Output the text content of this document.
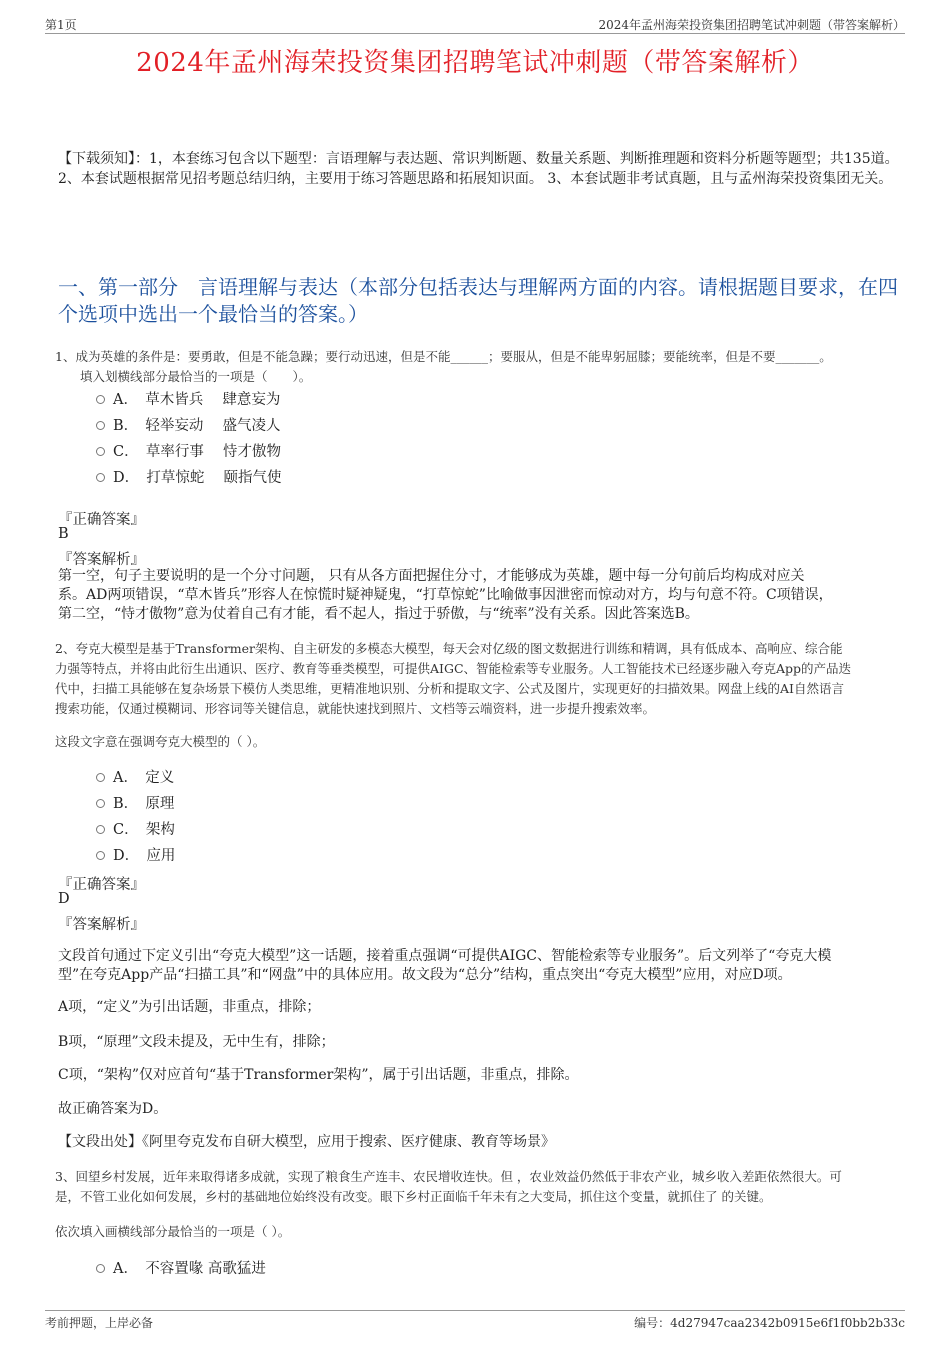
第1页	2024年孟州海荣投资集团招聘笔试冲刺题（带答案解析）
2024年孟州海荣投资集团招聘笔试冲刺题（带答案解析）
【下载须知】：1，本套练习包含以下题型：言语理解与表达题、常识判断题、数量关系题、判断推理题和资料分析题等题型；共135道。 2、本套试题根据常见招考题总结归纳，主要用于练习答题思路和拓展知识面。 3、本套试题非考试真题，且与孟州海荣投资集团无关。
一、第一部分　言语理解与表达（本部分包括表达与理解两方面的内容。请根据题目要求，在四个选项中选出一个最恰当的答案。）
1、成为英雄的条件是：要勇敢，但是不能急躁；要行动迅速，但是不能______；要服从，但是不能卑躬屈膝；要能统率，但是不要_______。
填入划横线部分最恰当的一项是（　　）。
A．　草木皆兵　 肆意妄为
B．　轻举妄动　 盛气凌人
C．　草率行事　 恃才傲物
D．　打草惊蛇　 颐指气使
『正确答案』
B
『答案解析』
第一空，句子主要说明的是一个分寸问题， 只有从各方面把握住分寸，才能够成为英雄，题中每一分句前后均构成对应关
系。AD两项错误，“草木皆兵”形容人在惊慌时疑神疑鬼，“打草惊蛇”比喻做事因泄密而惊动对方，均与句意不符。C项错误，
第二空，“恃才傲物”意为仗着自己有才能，看不起人，指过于骄傲，与“统率”没有关系。因此答案选B。
2、夸克大模型是基于Transformer架构、自主研发的多模态大模型，每天会对亿级的图文数据进行训练和精调，具有低成本、高响应、综合能
力强等特点，并将由此衍生出通识、医疗、教育等垂类模型，可提供AIGC、智能检索等专业服务。人工智能技术已经逐步融入夸克App的产品迭
代中，扫描工具能够在复杂场景下模仿人类思维，更精准地识别、分析和提取文字、公式及图片，实现更好的扫描效果。网盘上线的AI自然语言
搜索功能，仅通过模糊词、形容词等关键信息，就能快速找到照片、文档等云端资料，进一步提升搜索效率。
这段文字意在强调夸克大模型的（ ）。
A．　定义
B．　原理
C．　架构
D．　应用
『正确答案』
D
『答案解析』
文段首句通过下定义引出“夸克大模型”这一话题，接着重点强调“可提供AIGC、智能检索等专业服务”。后文列举了“夸克大模
型”在夸克App产品“扫描工具”和“网盘”中的具体应用。故文段为“总分”结构，重点突出“夸克大模型”应用，对应D项。
A项，“定义”为引出话题，非重点，排除；
B项，“原理”文段未提及，无中生有，排除；
C项，“架构”仅对应首句“基于Transformer架构”，属于引出话题，非重点，排除。
故正确答案为D。
【文段出处】《阿里夸克发布自研大模型，应用于搜索、医疗健康、教育等场景》
3、回望乡村发展，近年来取得诸多成就，实现了粮食生产连丰、农民增收连快。但 ，农业效益仍然低于非农产业，城乡收入差距依然很大。可
是，不管工业化如何发展，乡村的基础地位始终没有改变。眼下乡村正面临千年未有之大变局，抓住这个变量，就抓住了 的关键。
依次填入画横线部分最恰当的一项是（ ）。
A．　不容置喙 高歌猛进
考前押题，上岸必备	编号：4d27947caa2342b0915e6f1f0bb2b33c
